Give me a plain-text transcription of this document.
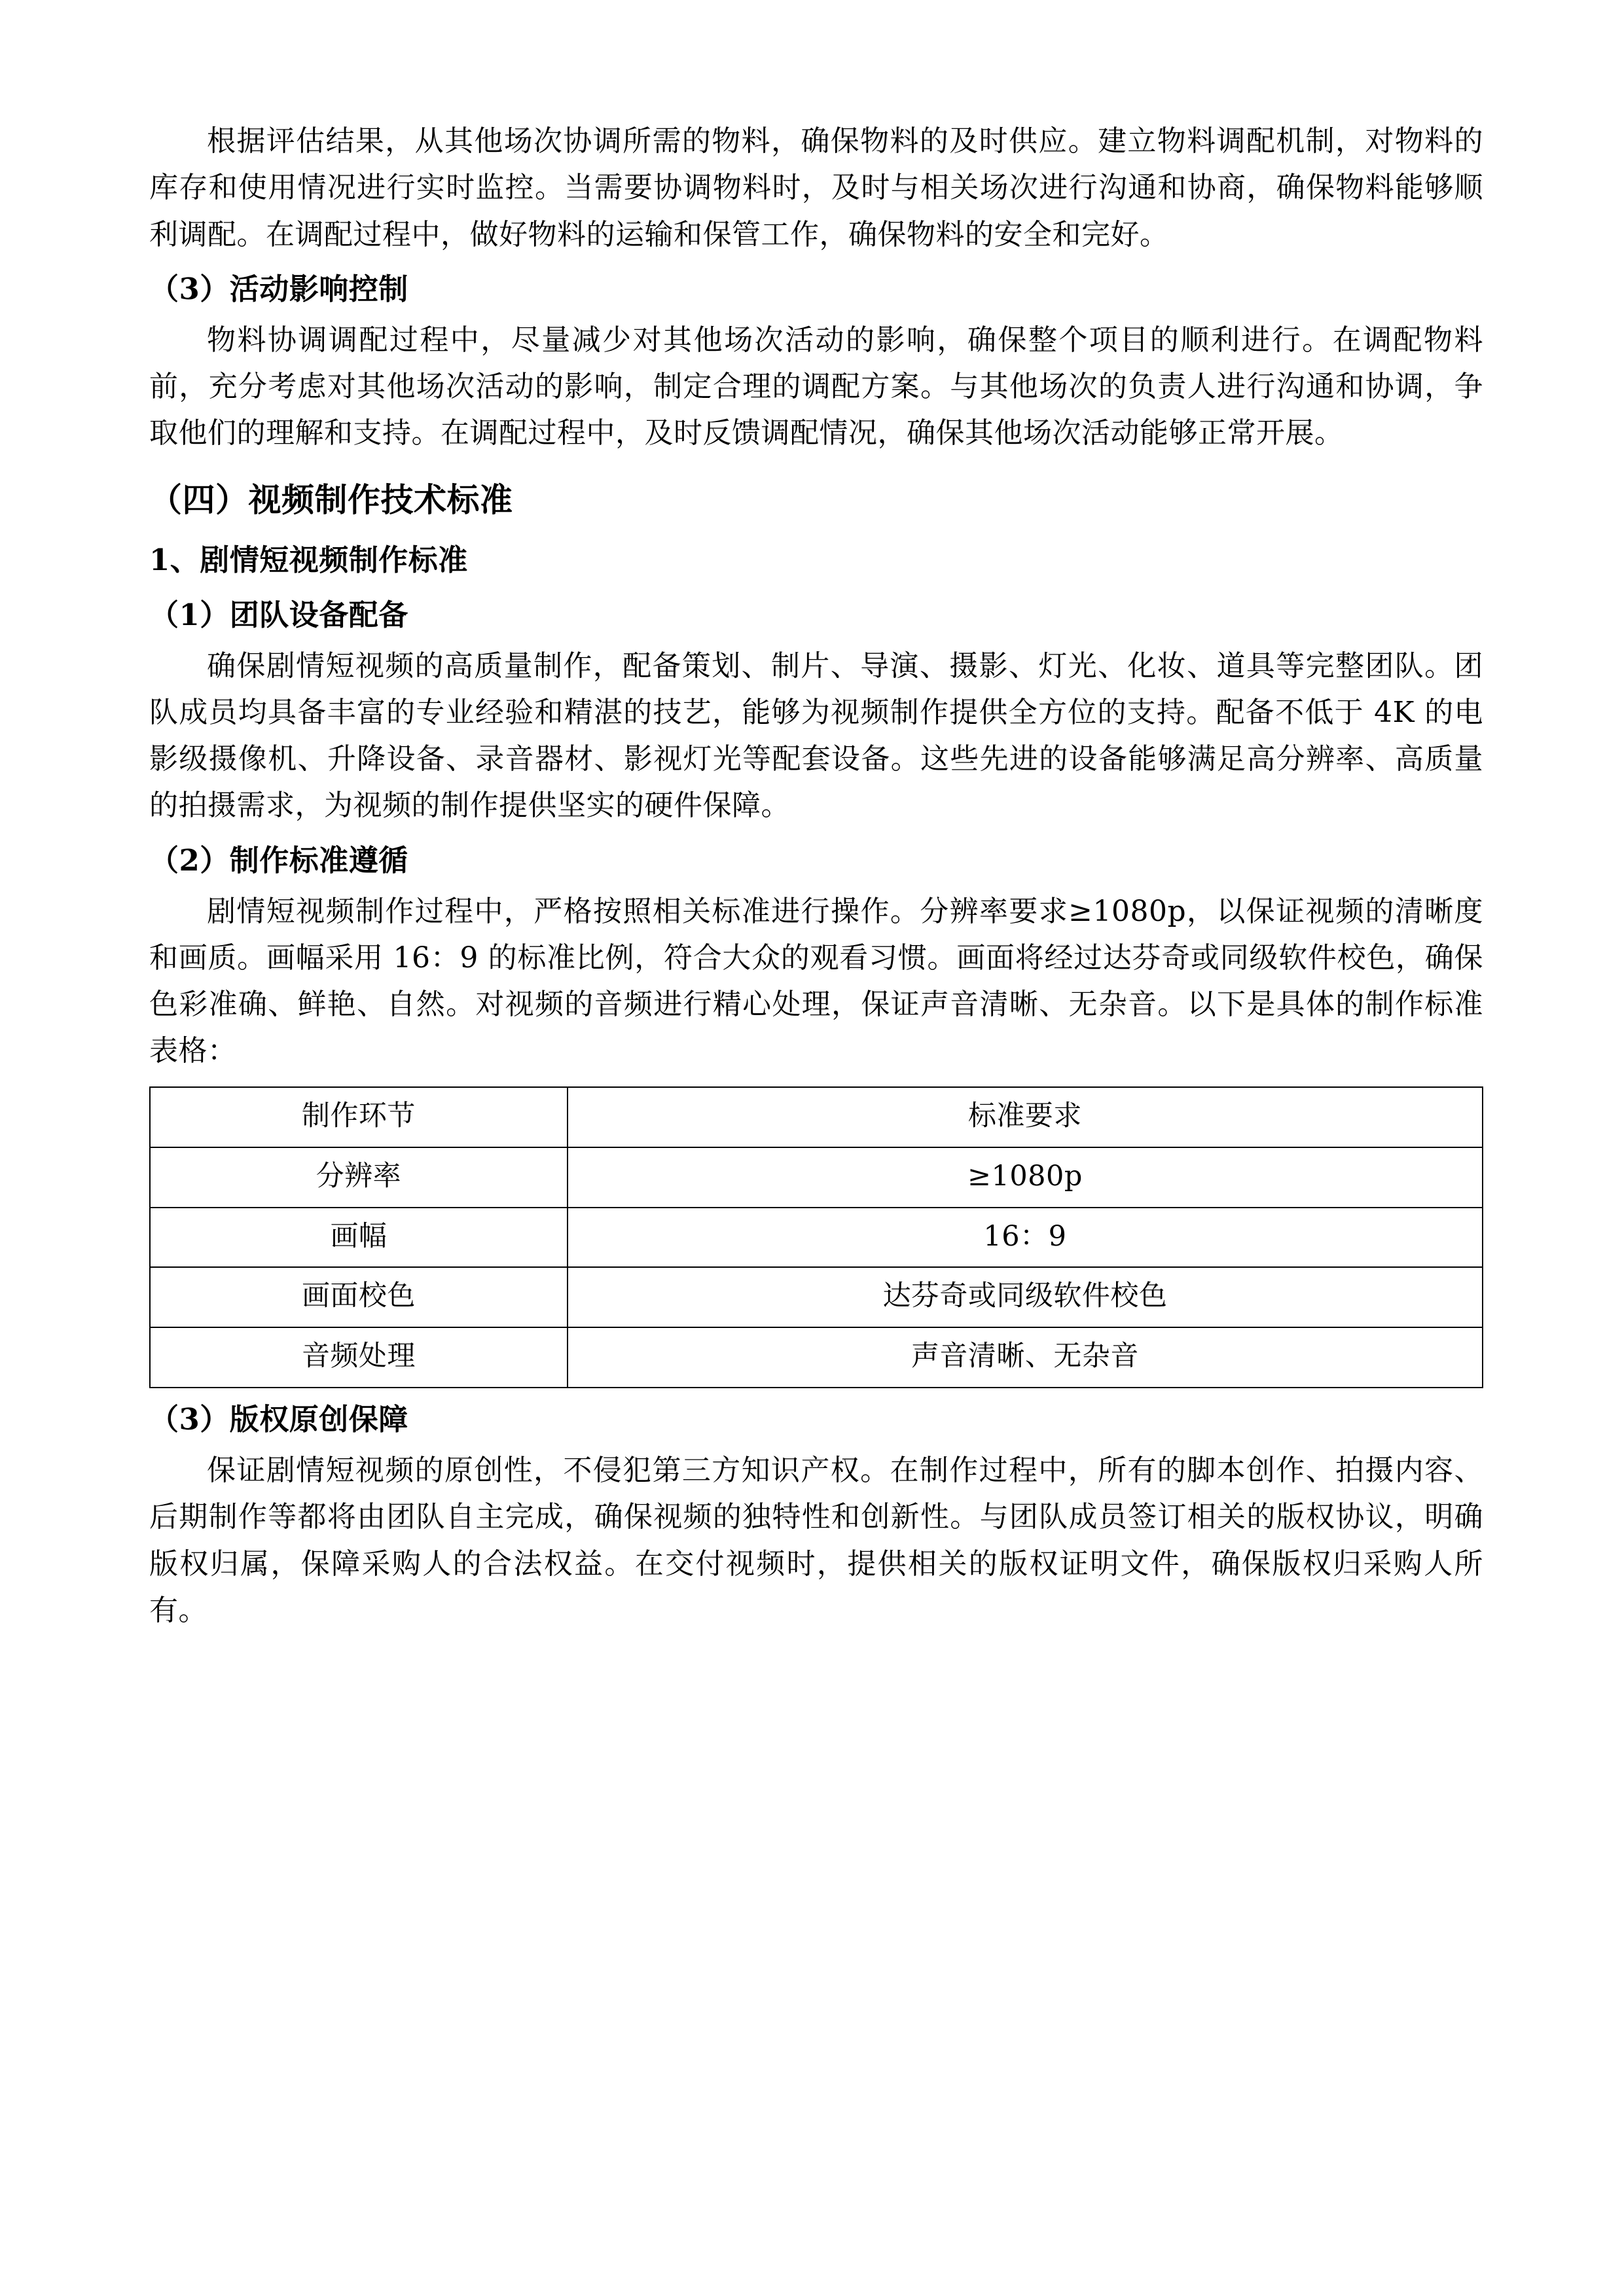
根据评估结果，从其他场次协调所需的物料，确保物料的及时供应。建立物料调配机制，对物料的库存和使用情况进行实时监控。当需要协调物料时，及时与相关场次进行沟通和协商，确保物料能够顺利调配。在调配过程中，做好物料的运输和保管工作，确保物料的安全和完好。

（3）活动影响控制

物料协调调配过程中，尽量减少对其他场次活动的影响，确保整个项目的顺利进行。在调配物料前，充分考虑对其他场次活动的影响，制定合理的调配方案。与其他场次的负责人进行沟通和协调，争取他们的理解和支持。在调配过程中，及时反馈调配情况，确保其他场次活动能够正常开展。

（四）视频制作技术标准
1、剧情短视频制作标准
（1）团队设备配备

确保剧情短视频的高质量制作，配备策划、制片、导演、摄影、灯光、化妆、道具等完整团队。团队成员均具备丰富的专业经验和精湛的技艺，能够为视频制作提供全方位的支持。配备不低于 4K 的电影级摄像机、升降设备、录音器材、影视灯光等配套设备。这些先进的设备能够满足高分辨率、高质量的拍摄需求，为视频的制作提供坚实的硬件保障。

（2）制作标准遵循

剧情短视频制作过程中，严格按照相关标准进行操作。分辨率要求≥1080p，以保证视频的清晰度和画质。画幅采用 16：9 的标准比例，符合大众的观看习惯。画面将经过达芬奇或同级软件校色，确保色彩准确、鲜艳、自然。对视频的音频进行精心处理，保证声音清晰、无杂音。以下是具体的制作标准表格：

制作环节	标准要求
分辨率	≥1080p
画幅	16：9
画面校色	达芬奇或同级软件校色
音频处理	声音清晰、无杂音
（3）版权原创保障

保证剧情短视频的原创性，不侵犯第三方知识产权。在制作过程中，所有的脚本创作、拍摄内容、后期制作等都将由团队自主完成，确保视频的独特性和创新性。与团队成员签订相关的版权协议，明确版权归属，保障采购人的合法权益。在交付视频时，提供相关的版权证明文件，确保版权归采购人所有。
